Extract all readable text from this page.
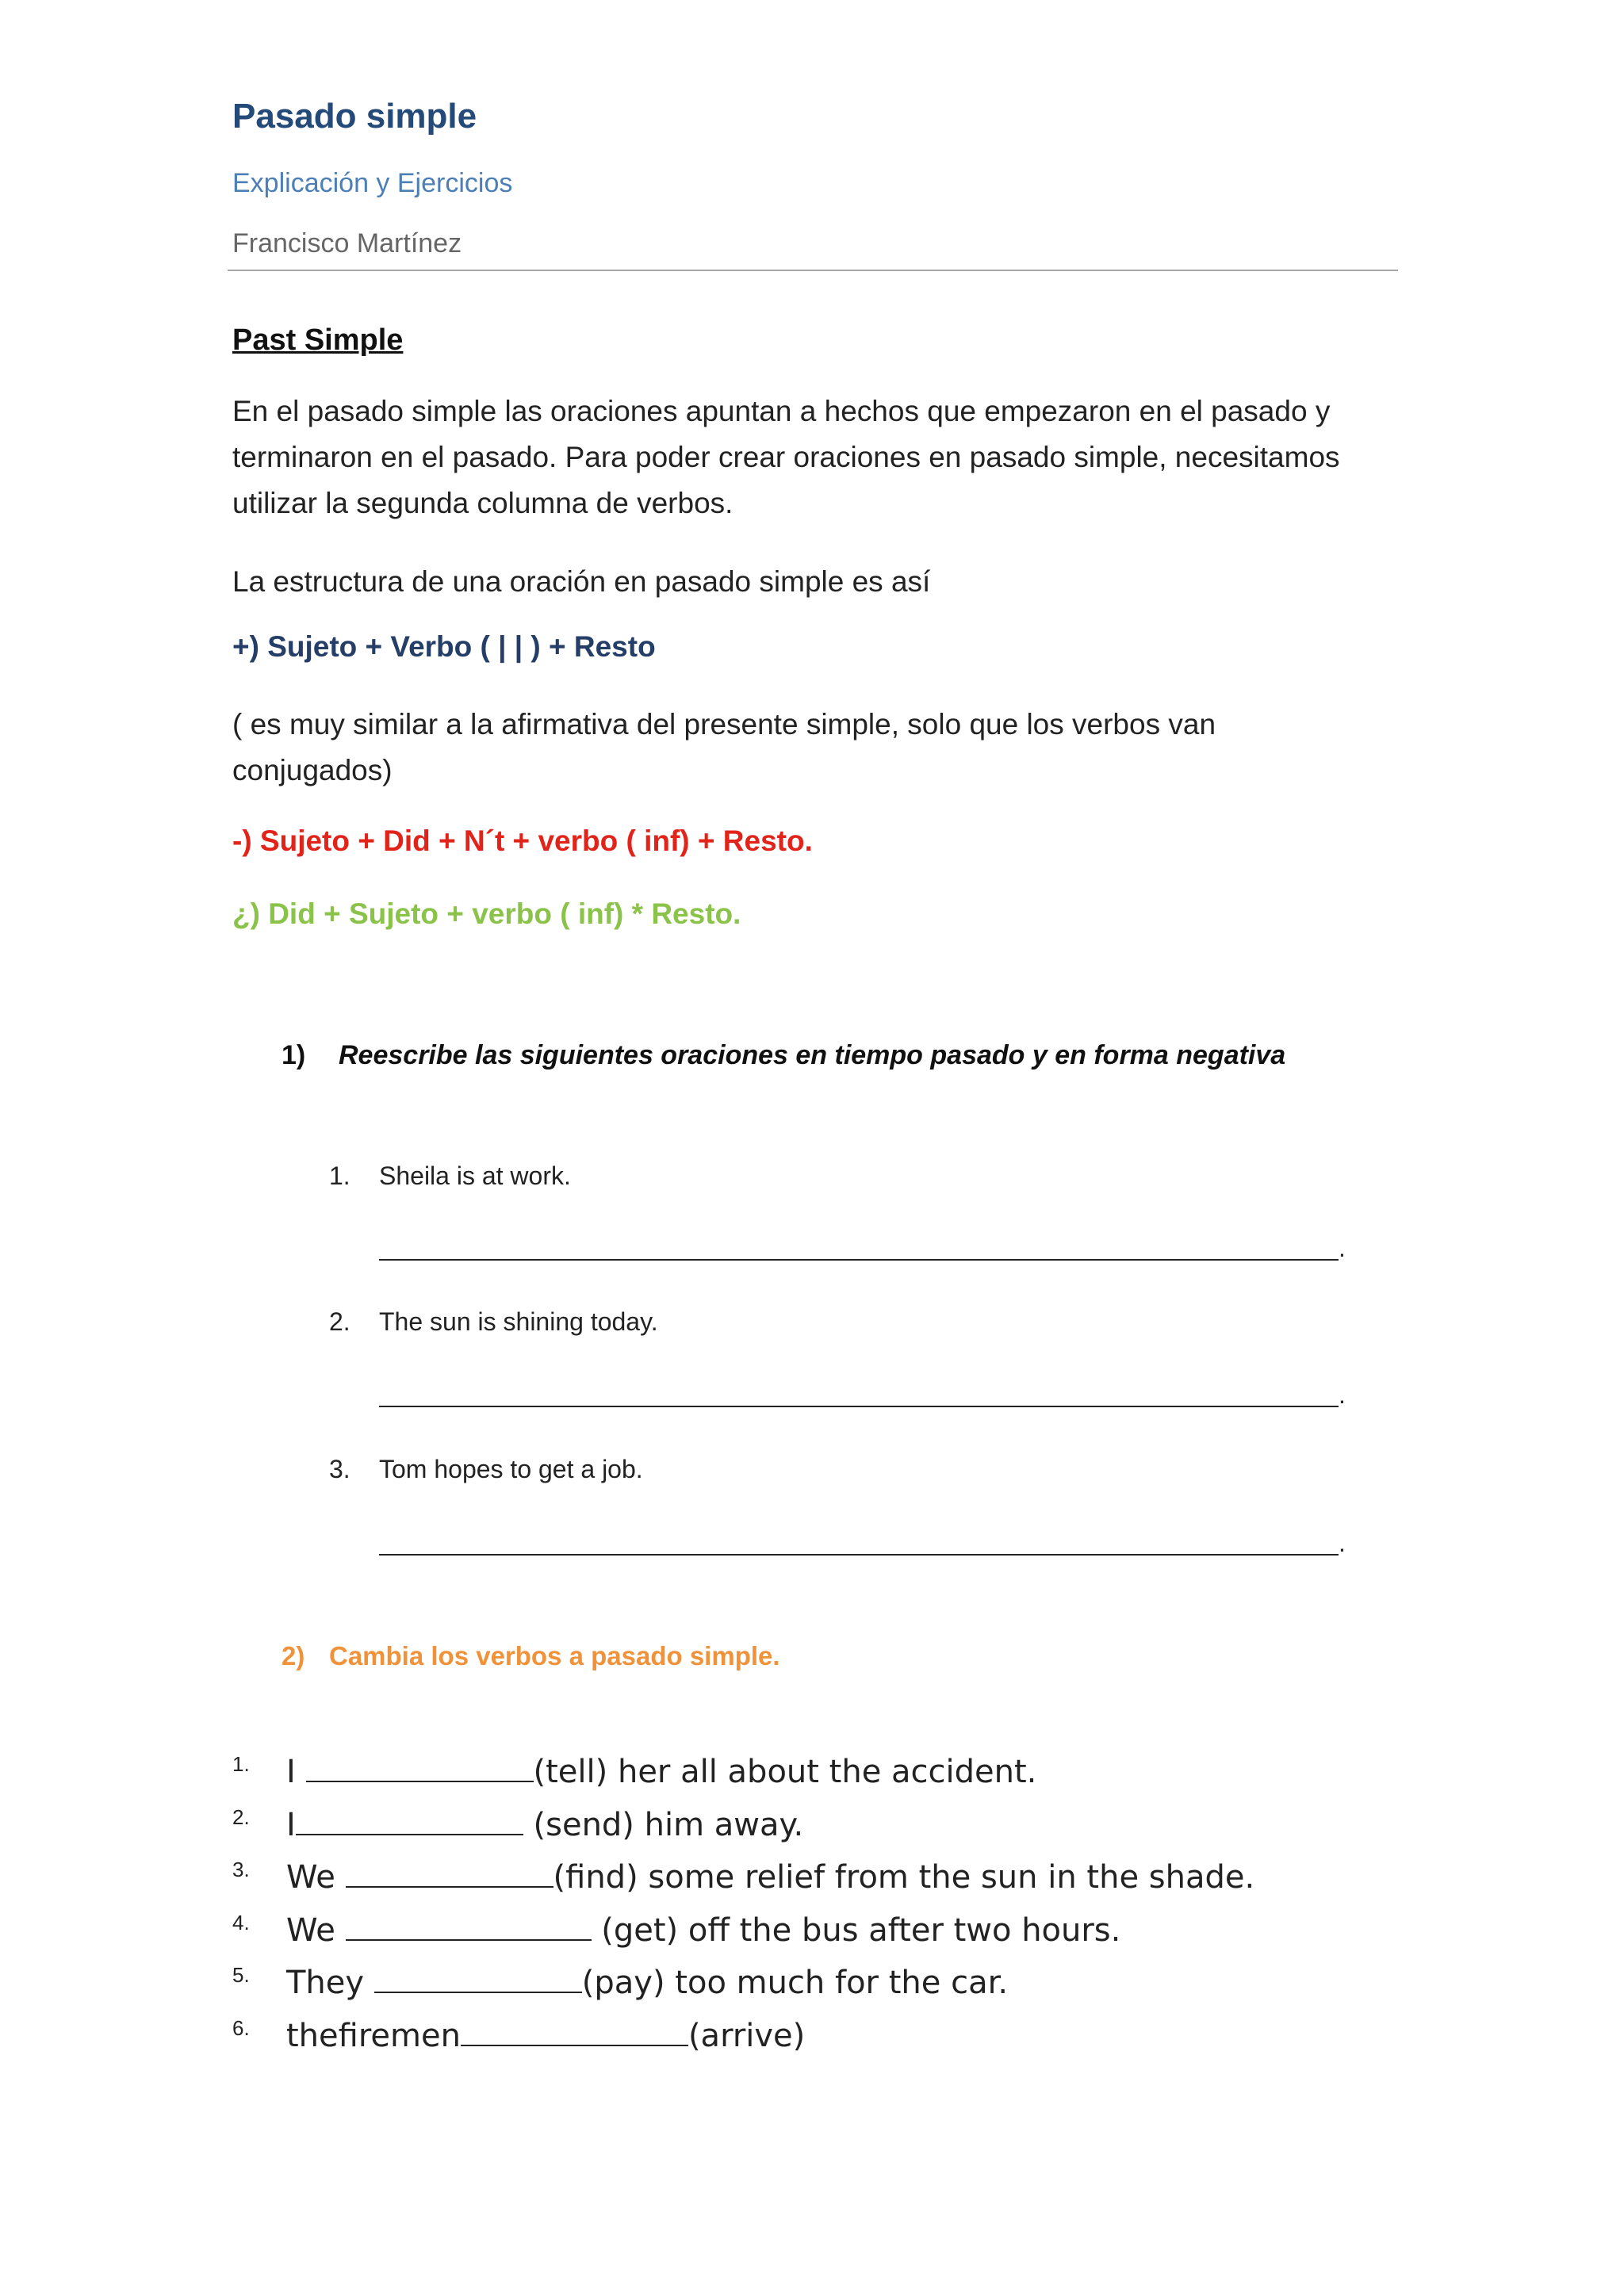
Pasado simple
Explicación y Ejercicios
Francisco Martínez
Past Simple
En el pasado simple las oraciones apuntan a hechos que empezaron en el pasado y terminaron en el pasado. Para poder crear oraciones en pasado simple, necesitamos utilizar la segunda columna de verbos.
La estructura de una oración en pasado simple es así
+) Sujeto + Verbo ( | | ) + Resto
( es muy similar a la afirmativa del presente simple, solo que los verbos van conjugados)
-) Sujeto + Did + N´t + verbo ( inf) + Resto.
¿) Did + Sujeto + verbo ( inf) * Resto.
1) Reescribe las siguientes oraciones en tiempo pasado y en forma negativa
1. Sheila is at work.
.
2. The sun is shining today.
.
3. Tom hopes to get a job.
.
2) Cambia los verbos a pasado simple.
1. I	(tell) her all about the accident.
2. I	(send) him away.
3. We	(find) some relief from the sun in the shade.
4. We	(get) off the bus after two hours.
5. They	(pay) too much for the car.
6. thefiremen	(arrive)
